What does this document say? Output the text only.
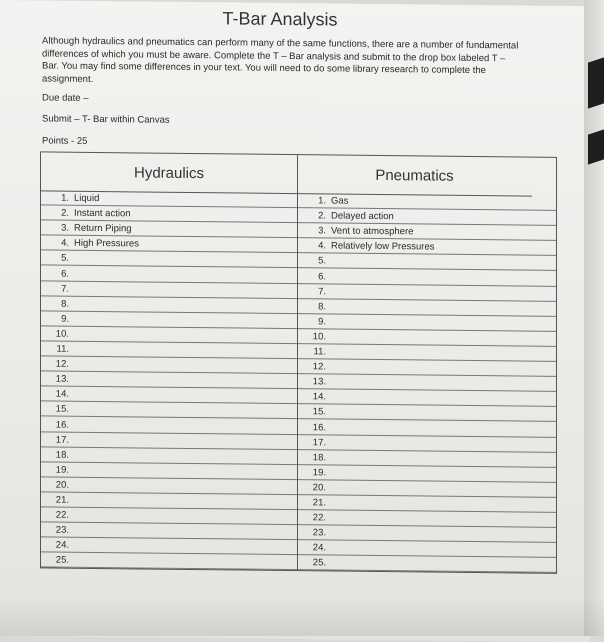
T-Bar Analysis
Although hydraulics and pneumatics can perform many of the same functions, there are a number of fundamental differences of which you must be aware. Complete the T – Bar analysis and submit to the drop box labeled T – Bar. You may find some differences in your text. You will need to do some library research to complete the assignment.
Due date –
Submit – T- Bar within Canvas
Points - 25
Hydraulics	Pneumatics
1. Liquid
2. Instant action
3. Return Piping
4. High Pressures
5.
6.
7.
8.
9.
10.
11.
12.
13.
14.
15.
16.
17.
18.
19.
20.
21.
22.
23.
24.
25.
1. Gas
2. Delayed action
3. Vent to atmosphere
4. Relatively low Pressures
5.
6.
7.
8.
9.
10.
11.
12.
13.
14.
15.
16.
17.
18.
19.
20.
21.
22.
23.
24.
25.
